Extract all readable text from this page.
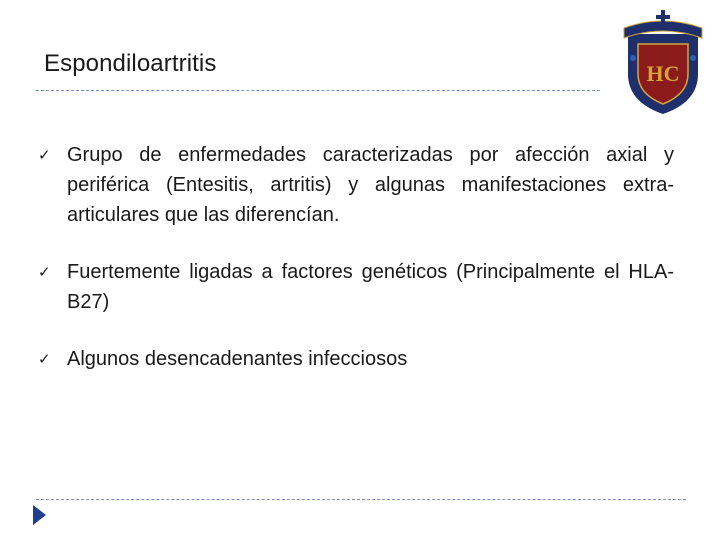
Espondiloartritis	HC
✓ Grupo de enfermedades caracterizadas por afección axial y periférica (Entesitis, artritis) y algunas manifestaciones extra-articulares que las diferencían.
✓ Fuertemente ligadas a factores genéticos (Principalmente el HLA-B27)
✓ Algunos desencadenantes infecciosos
